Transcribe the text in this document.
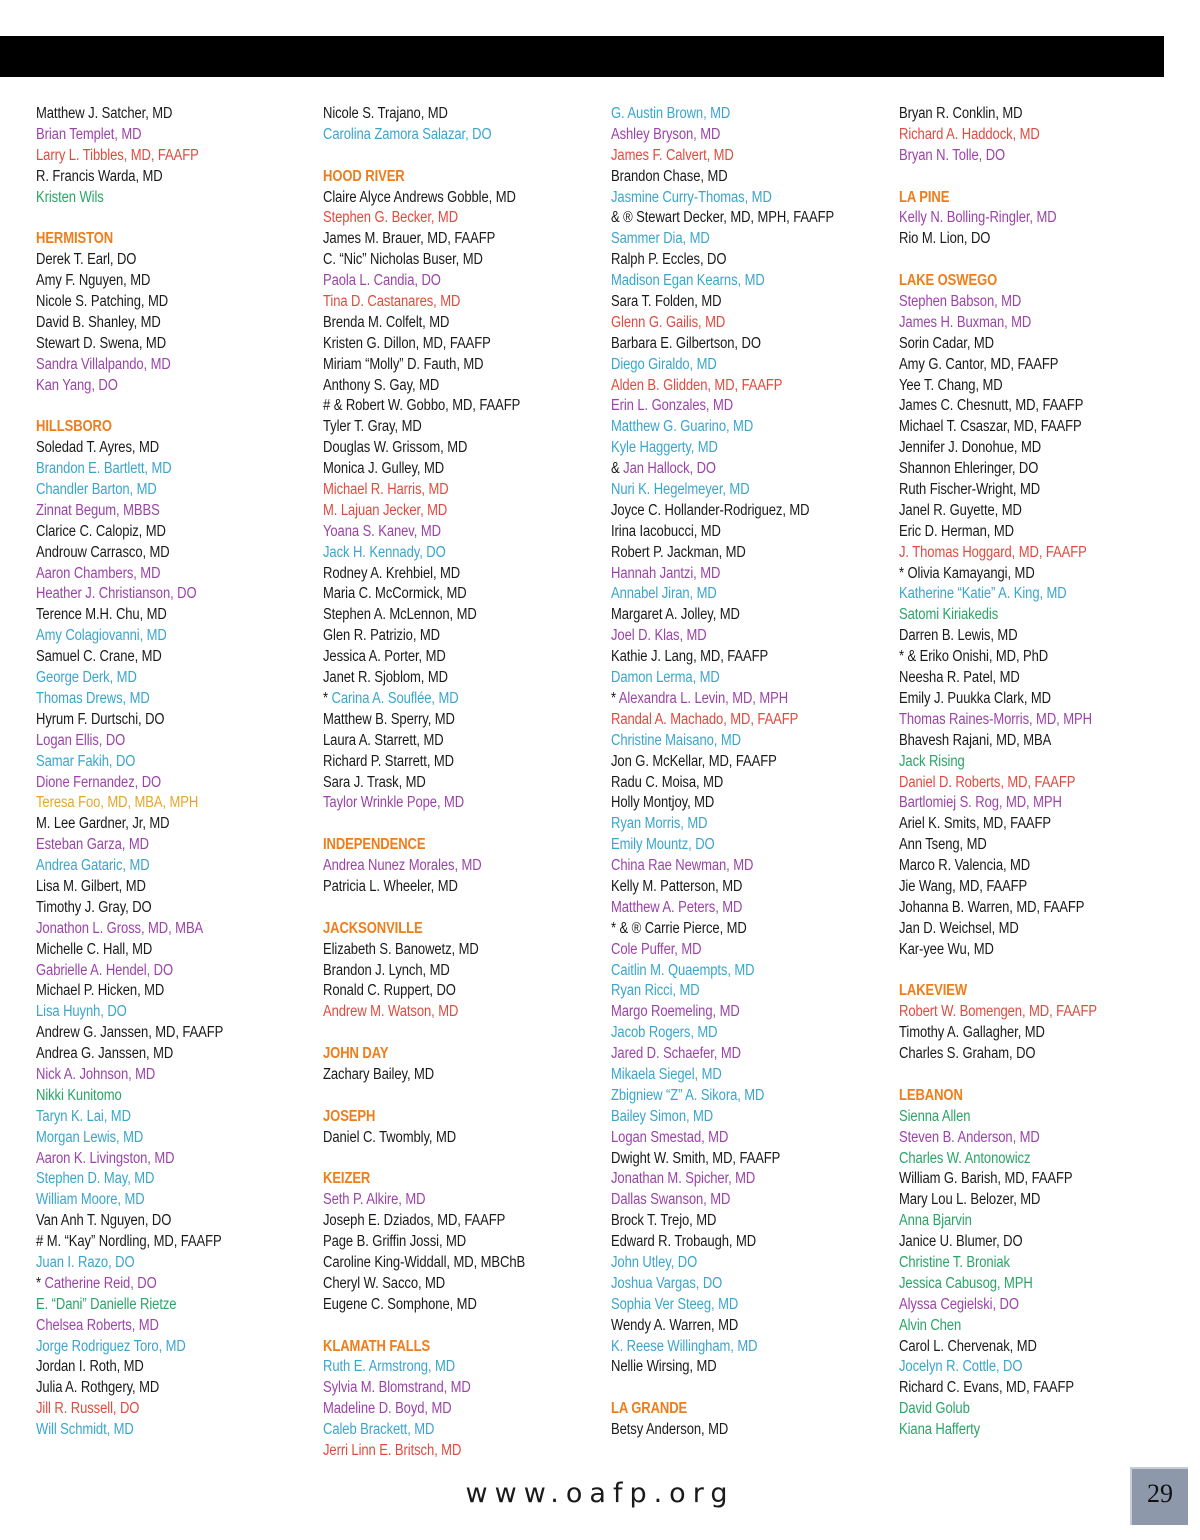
Matthew J. Satcher, MD
Brian Templet, MD
Larry L. Tibbles, MD, FAAFP
R. Francis Warda, MD
Kristen Wils
HERMISTON
Derek T. Earl, DO
Amy F. Nguyen, MD
Nicole S. Patching, MD
David B. Shanley, MD
Stewart D. Swena, MD
Sandra Villalpando, MD
Kan Yang, DO
HILLSBORO
Soledad T. Ayres, MD
Brandon E. Bartlett, MD
Chandler Barton, MD
Zinnat Begum, MBBS
Clarice C. Calopiz, MD
Androuw Carrasco, MD
Aaron Chambers, MD
Heather J. Christianson, DO
Terence M.H. Chu, MD
Amy Colagiovanni, MD
Samuel C. Crane, MD
George Derk, MD
Thomas Drews, MD
Hyrum F. Durtschi, DO
Logan Ellis, DO
Samar Fakih, DO
Dione Fernandez, DO
Teresa Foo, MD, MBA, MPH
M. Lee Gardner, Jr, MD
Esteban Garza, MD
Andrea Gataric, MD
Lisa M. Gilbert, MD
Timothy J. Gray, DO
Jonathon L. Gross, MD, MBA
Michelle C. Hall, MD
Gabrielle A. Hendel, DO
Michael P. Hicken, MD
Lisa Huynh, DO
Andrew G. Janssen, MD, FAAFP
Andrea G. Janssen, MD
Nick A. Johnson, MD
Nikki Kunitomo
Taryn K. Lai, MD
Morgan Lewis, MD
Aaron K. Livingston, MD
Stephen D. May, MD
William Moore, MD
Van Anh T. Nguyen, DO
# M. “Kay” Nordling, MD, FAAFP
Juan I. Razo, DO
* Catherine Reid, DO
E. “Dani” Danielle Rietze
Chelsea Roberts, MD
Jorge Rodriguez Toro, MD
Jordan I. Roth, MD
Julia A. Rothgery, MD
Jill R. Russell, DO
Will Schmidt, MD
Nicole S. Trajano, MD
Carolina Zamora Salazar, DO
HOOD RIVER
Claire Alyce Andrews Gobble, MD
Stephen G. Becker, MD
James M. Brauer, MD, FAAFP
C. “Nic” Nicholas Buser, MD
Paola L. Candia, DO
Tina D. Castanares, MD
Brenda M. Colfelt, MD
Kristen G. Dillon, MD, FAAFP
Miriam “Molly” D. Fauth, MD
Anthony S. Gay, MD
# & Robert W. Gobbo, MD, FAAFP
Tyler T. Gray, MD
Douglas W. Grissom, MD
Monica J. Gulley, MD
Michael R. Harris, MD
M. Lajuan Jecker, MD
Yoana S. Kanev, MD
Jack H. Kennady, DO
Rodney A. Krehbiel, MD
Maria C. McCormick, MD
Stephen A. McLennon, MD
Glen R. Patrizio, MD
Jessica A. Porter, MD
Janet R. Sjoblom, MD
* Carina A. Souflée, MD
Matthew B. Sperry, MD
Laura A. Starrett, MD
Richard P. Starrett, MD
Sara J. Trask, MD
Taylor Wrinkle Pope, MD
INDEPENDENCE
Andrea Nunez Morales, MD
Patricia L. Wheeler, MD
JACKSONVILLE
Elizabeth S. Banowetz, MD
Brandon J. Lynch, MD
Ronald C. Ruppert, DO
Andrew M. Watson, MD
JOHN DAY
Zachary Bailey, MD
JOSEPH
Daniel C. Twombly, MD
KEIZER
Seth P. Alkire, MD
Joseph E. Dziados, MD, FAAFP
Page B. Griffin Jossi, MD
Caroline King-Widdall, MD, MBChB
Cheryl W. Sacco, MD
Eugene C. Somphone, MD
KLAMATH FALLS
Ruth E. Armstrong, MD
Sylvia M. Blomstrand, MD
Madeline D. Boyd, MD
Caleb Brackett, MD
Jerri Linn E. Britsch, MD
G. Austin Brown, MD
Ashley Bryson, MD
James F. Calvert, MD
Brandon Chase, MD
Jasmine Curry-Thomas, MD
& ® Stewart Decker, MD, MPH, FAAFP
Sammer Dia, MD
Ralph P. Eccles, DO
Madison Egan Kearns, MD
Sara T. Folden, MD
Glenn G. Gailis, MD
Barbara E. Gilbertson, DO
Diego Giraldo, MD
Alden B. Glidden, MD, FAAFP
Erin L. Gonzales, MD
Matthew G. Guarino, MD
Kyle Haggerty, MD
& Jan Hallock, DO
Nuri K. Hegelmeyer, MD
Joyce C. Hollander-Rodriguez, MD
Irina Iacobucci, MD
Robert P. Jackman, MD
Hannah Jantzi, MD
Annabel Jiran, MD
Margaret A. Jolley, MD
Joel D. Klas, MD
Kathie J. Lang, MD, FAAFP
Damon Lerma, MD
* Alexandra L. Levin, MD, MPH
Randal A. Machado, MD, FAAFP
Christine Maisano, MD
Jon G. McKellar, MD, FAAFP
Radu C. Moisa, MD
Holly Montjoy, MD
Ryan Morris, MD
Emily Mountz, DO
China Rae Newman, MD
Kelly M. Patterson, MD
Matthew A. Peters, MD
* & ® Carrie Pierce, MD
Cole Puffer, MD
Caitlin M. Quaempts, MD
Ryan Ricci, MD
Margo Roemeling, MD
Jacob Rogers, MD
Jared D. Schaefer, MD
Mikaela Siegel, MD
Zbigniew “Z” A. Sikora, MD
Bailey Simon, MD
Logan Smestad, MD
Dwight W. Smith, MD, FAAFP
Jonathan M. Spicher, MD
Dallas Swanson, MD
Brock T. Trejo, MD
Edward R. Trobaugh, MD
John Utley, DO
Joshua Vargas, DO
Sophia Ver Steeg, MD
Wendy A. Warren, MD
K. Reese Willingham, MD
Nellie Wirsing, MD
LA GRANDE
Betsy Anderson, MD
Bryan R. Conklin, MD
Richard A. Haddock, MD
Bryan N. Tolle, DO
LA PINE
Kelly N. Bolling-Ringler, MD
Rio M. Lion, DO
LAKE OSWEGO
Stephen Babson, MD
James H. Buxman, MD
Sorin Cadar, MD
Amy G. Cantor, MD, FAAFP
Yee T. Chang, MD
James C. Chesnutt, MD, FAAFP
Michael T. Csaszar, MD, FAAFP
Jennifer J. Donohue, MD
Shannon Ehleringer, DO
Ruth Fischer-Wright, MD
Janel R. Guyette, MD
Eric D. Herman, MD
J. Thomas Hoggard, MD, FAAFP
* Olivia Kamayangi, MD
Katherine “Katie” A. King, MD
Satomi Kiriakedis
Darren B. Lewis, MD
* & Eriko Onishi, MD, PhD
Neesha R. Patel, MD
Emily J. Puukka Clark, MD
Thomas Raines-Morris, MD, MPH
Bhavesh Rajani, MD, MBA
Jack Rising
Daniel D. Roberts, MD, FAAFP
Bartlomiej S. Rog, MD, MPH
Ariel K. Smits, MD, FAAFP
Ann Tseng, MD
Marco R. Valencia, MD
Jie Wang, MD, FAAFP
Johanna B. Warren, MD, FAAFP
Jan D. Weichsel, MD
Kar-yee Wu, MD
LAKEVIEW
Robert W. Bomengen, MD, FAAFP
Timothy A. Gallagher, MD
Charles S. Graham, DO
LEBANON
Sienna Allen
Steven B. Anderson, MD
Charles W. Antonowicz
William G. Barish, MD, FAAFP
Mary Lou L. Belozer, MD
Anna Bjarvin
Janice U. Blumer, DO
Christine T. Broniak
Jessica Cabusog, MPH
Alyssa Cegielski, DO
Alvin Chen
Carol L. Chervenak, MD
Jocelyn R. Cottle, DO
Richard C. Evans, MD, FAAFP
David Golub
Kiana Hafferty
www.oafp.org	29
